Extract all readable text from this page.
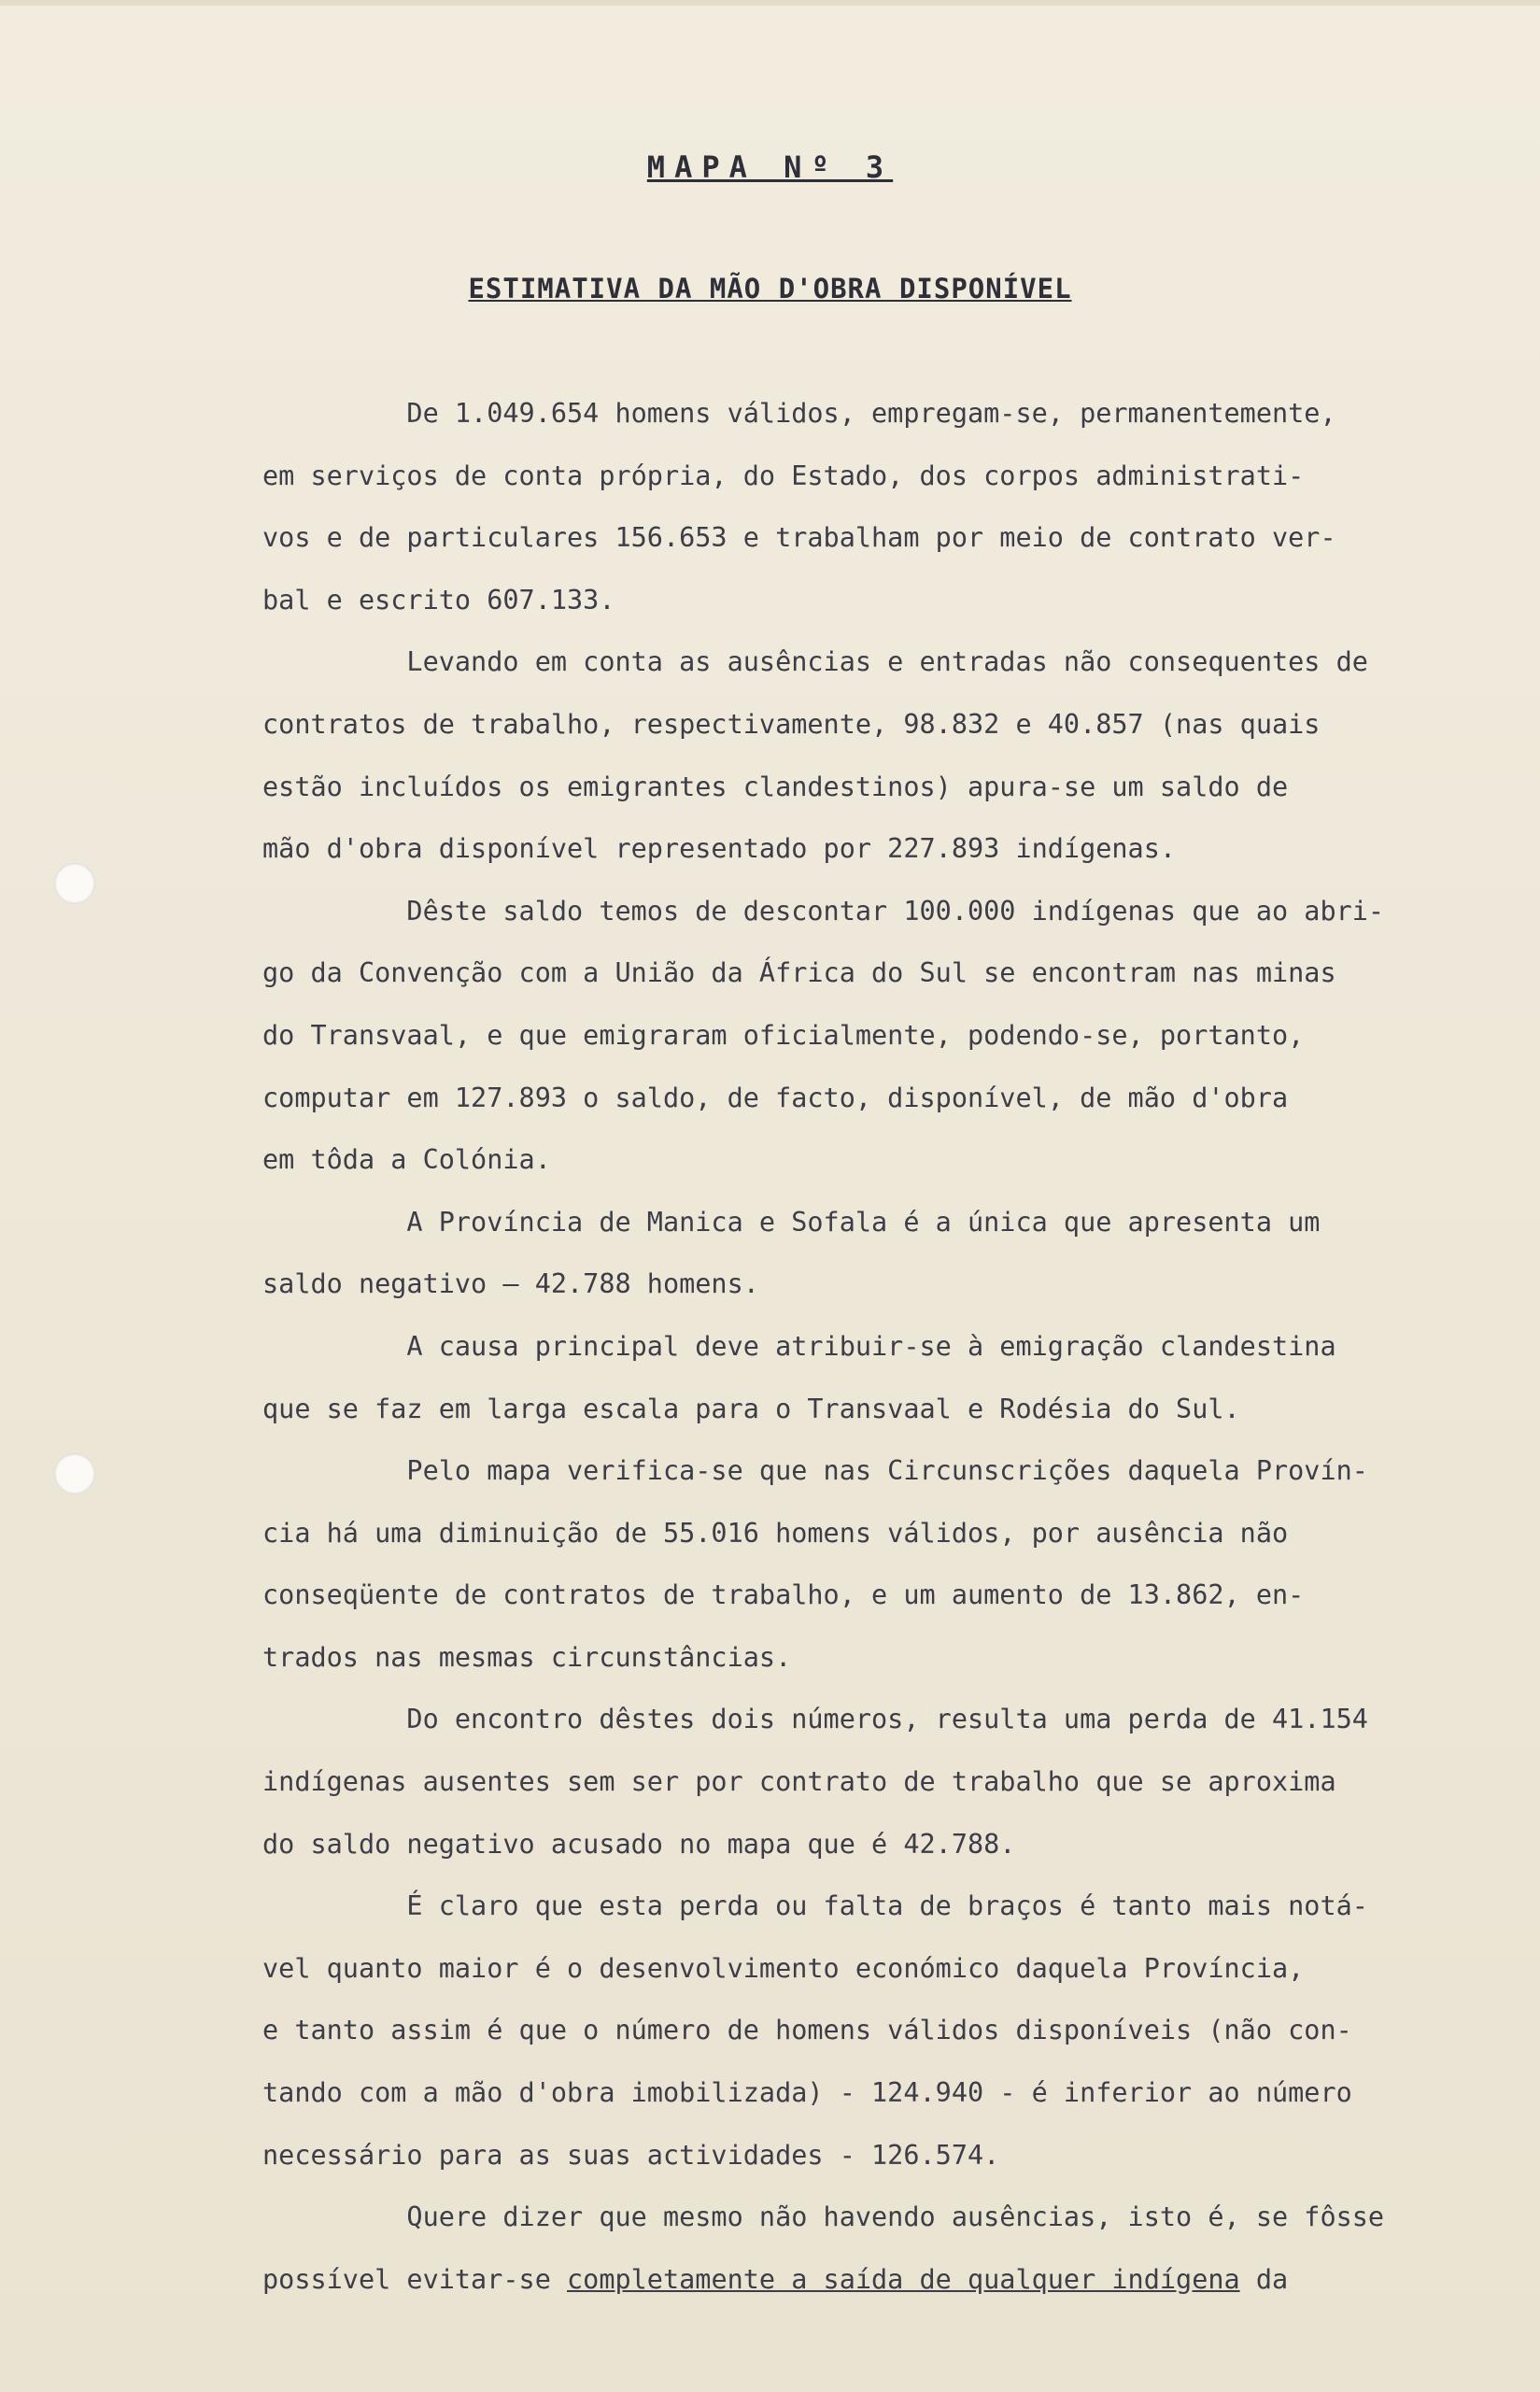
MAPA Nº 3
ESTIMATIVA DA MÃO D'OBRA DISPONÍVEL
De 1.049.654 homens válidos, empregam-se, permanentemente,
em serviços de conta própria, do Estado, dos corpos administrati-
vos e de particulares 156.653 e trabalham por meio de contrato ver-
bal e escrito 607.133.
Levando em conta as ausências e entradas não consequentes de
contratos de trabalho, respectivamente, 98.832 e 40.857 (nas quais
estão incluídos os emigrantes clandestinos) apura-se um saldo de
mão d'obra disponível representado por 227.893 indígenas.
Dêste saldo temos de descontar 100.000 indígenas que ao abri-
go da Convenção com a União da África do Sul se encontram nas minas
do Transvaal, e que emigraram oficialmente, podendo-se, portanto,
computar em 127.893 o saldo, de facto, disponível, de mão d'obra
em tôda a Colónia.
A Província de Manica e Sofala é a única que apresenta um
saldo negativo — 42.788 homens.
A causa principal deve atribuir-se à emigração clandestina
que se faz em larga escala para o Transvaal e Rodésia do Sul.
Pelo mapa verifica-se que nas Circunscrições daquela Provín-
cia há uma diminuição de 55.016 homens válidos, por ausência não
conseqüente de contratos de trabalho, e um aumento de 13.862, en-
trados nas mesmas circunstâncias.
Do encontro dêstes dois números, resulta uma perda de 41.154
indígenas ausentes sem ser por contrato de trabalho que se aproxima
do saldo negativo acusado no mapa que é 42.788.
É claro que esta perda ou falta de braços é tanto mais notá-
vel quanto maior é o desenvolvimento económico daquela Província,
e tanto assim é que o número de homens válidos disponíveis (não con-
tando com a mão d'obra imobilizada) - 124.940 - é inferior ao número
necessário para as suas actividades - 126.574.
Quere dizer que mesmo não havendo ausências, isto é, se fôsse
possível evitar-se completamente a saída de qualquer indígena da
